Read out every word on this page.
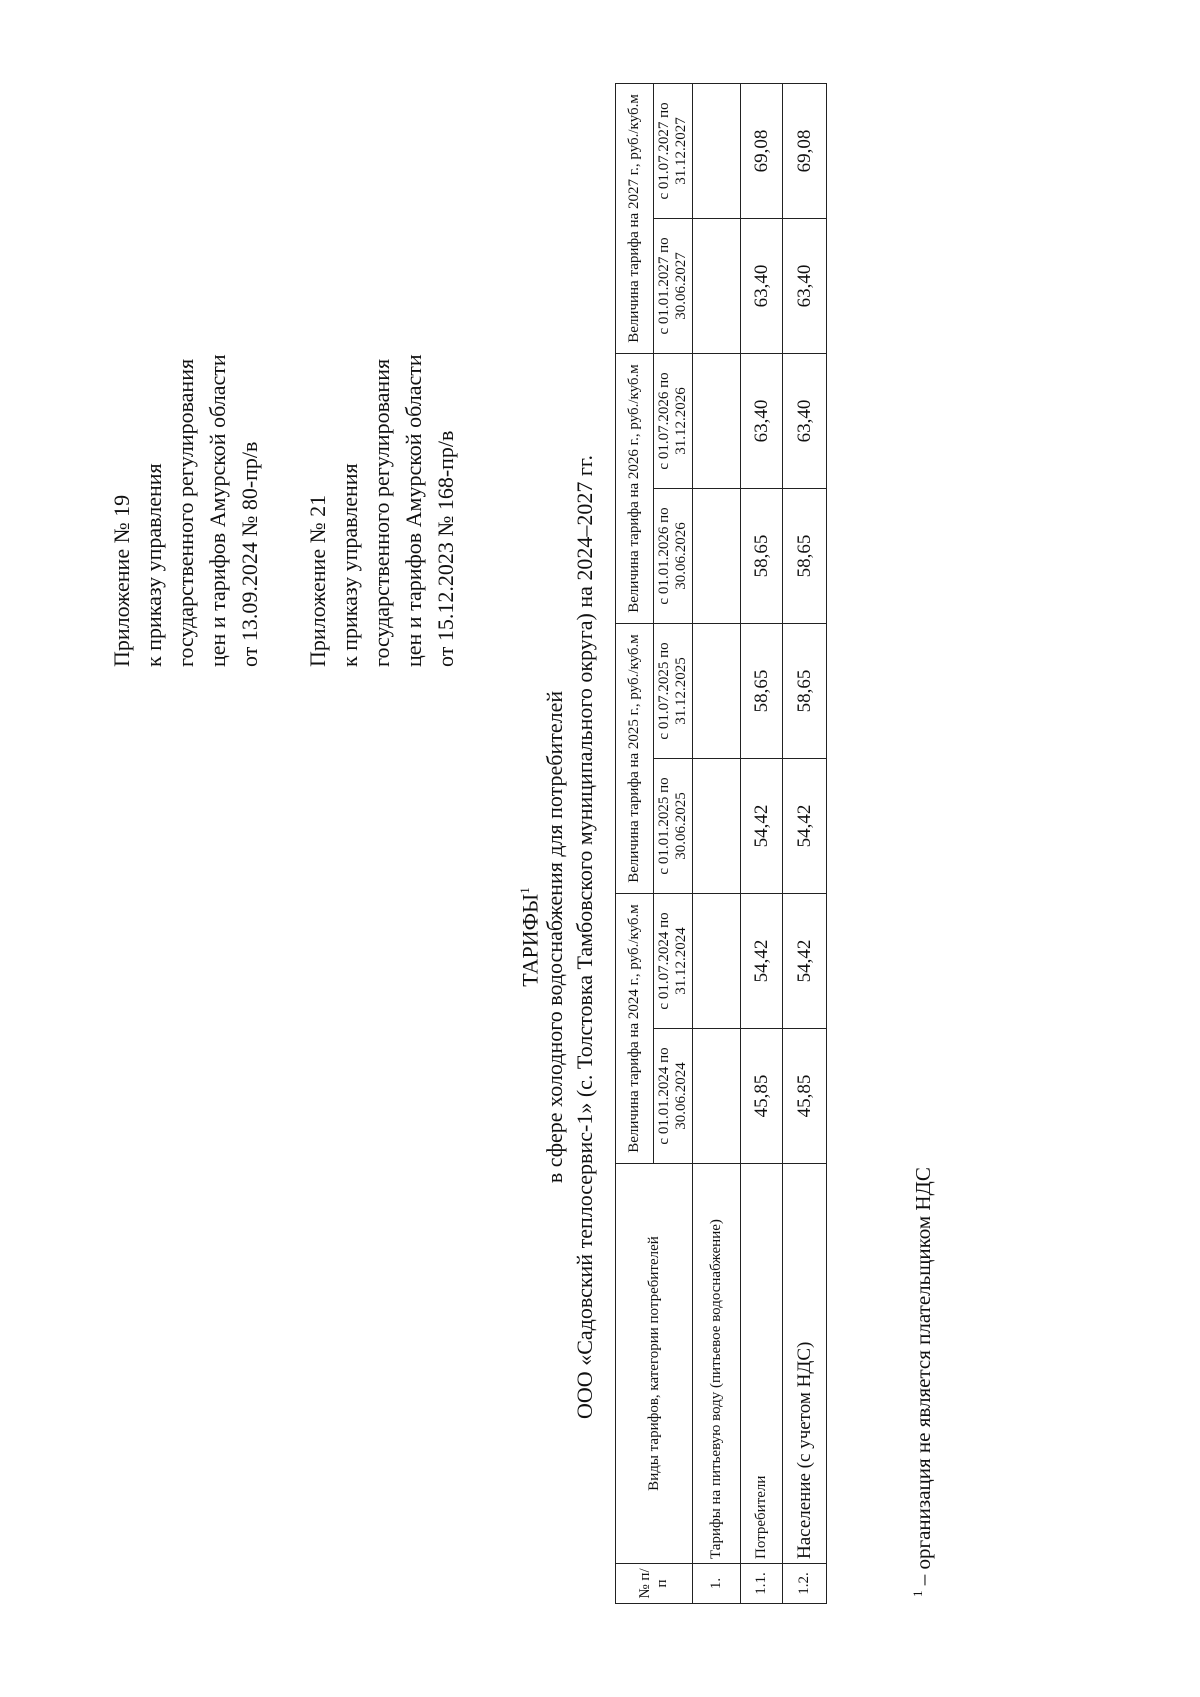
Приложение № 19 к приказу управления государственного регулирования цен и тарифов Амурской области от 13.09.2024 № 80-пр/в Приложение № 21 к приказу управления государственного регулирования цен и тарифов Амурской области от 15.12.2023 № 168-пр/в
ТАРИФЫ$^1$ в сфере холодного водоснабжения для потребителей ООО «Садовский теплосервис-1» (с. Толстовка Тамбовского муниципального округа) на 2024–2027 гг.
№ п/п	Виды тарифов, категории потребителей	Величина тарифа на 2024 г., руб./куб.м		Величина тарифа на 2025 г., руб./куб.м		Величина тарифа на 2026 г., руб./куб.м		Величина тарифа на 2027 г., руб./куб.м	
		с 01.01.2024 по 30.06.2024	с 01.07.2024 по 31.12.2024	с 01.01.2025 по 30.06.2025	с 01.07.2025 по 31.12.2025	с 01.01.2026 по 30.06.2026	с 01.07.2026 по 31.12.2026	с 01.01.2027 по 30.06.2027	с 01.07.2027 по 31.12.2027
1.	Тарифы на питьевую воду (питьевое водоснабжение)								
1.1.	Потребители	45,85	54,42	54,42	58,65	58,65	63,40	63,40	69,08
1.2.	Население (с учетом НДС)	45,85	54,42	54,42	58,65	58,65	63,40	63,40	69,08
$^1$ – организация не является плательщиком НДС
